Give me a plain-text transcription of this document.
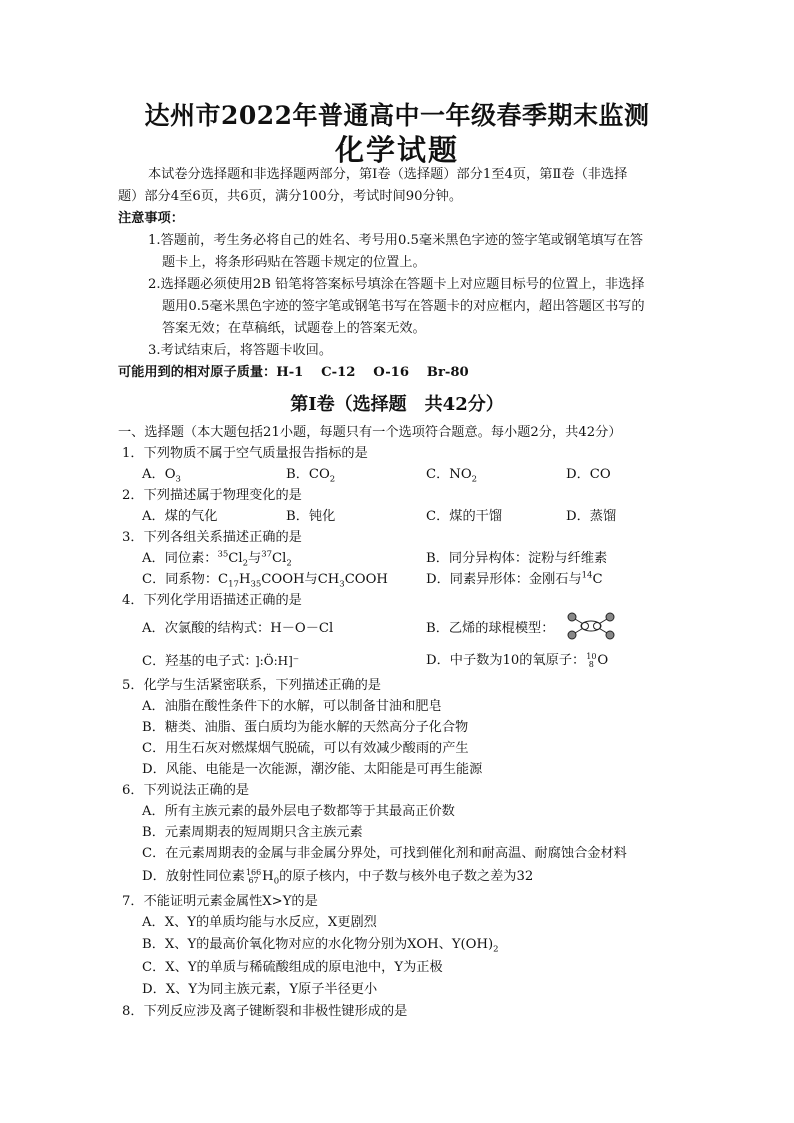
达州市2022年普通高中一年级春季期末监测
化学试题
本试卷分选择题和非选择题两部分，第Ⅰ卷（选择题）部分1至4页，第Ⅱ卷（非选择
题）部分4至6页，共6页，满分100分，考试时间90分钟。
注意事项：
1.答题前，考生务必将自己的姓名、考号用0.5毫米黑色字迹的签字笔或钢笔填写在答
题卡上，将条形码贴在答题卡规定的位置上。
2.选择题必须使用2B 铅笔将答案标号填涂在答题卡上对应题目标号的位置上，非选择
题用0.5毫米黑色字迹的签字笔或钢笔书写在答题卡的对应框内，超出答题区书写的
答案无效；在草稿纸，试题卷上的答案无效。
3.考试结束后，将答题卡收回。
可能用到的相对原子质量：H-1　 C-12　 O-16　 Br-80
第Ⅰ卷（选择题　共42分）
一、选择题（本大题包括21小题，每题只有一个选项符合题意。每小题2分，共42分）
1．下列物质不属于空气质量报告指标的是
A．$O_3$	B．$CO_2$	C．$NO_2$	D．CO
2．下列描述属于物理变化的是
A．煤的气化	B．钝化	C．煤的干馏	D．蒸馏
3．下列各组关系描述正确的是
A．同位素：$^{35}Cl_2$与$^{37}Cl_2$	B．同分异构体：淀粉与纤维素
C．同系物：$C_{17}H_{35}COOH$与$CH_3COOH$	D．同素异形体：金刚石与$^{14}$C
4．下列化学用语描述正确的是
A．次氯酸的结构式：H－O－Cl	B．乙烯的球棍模型：
C．羟基的电子式： ]:Ö:H]⁻	D．中子数为10的氧原子：10
8 O
5．化学与生活紧密联系，下列描述正确的是
A．油脂在酸性条件下的水解，可以制备甘油和肥皂
B．糖类、油脂、蛋白质均为能水解的天然高分子化合物
C．用生石灰对燃煤烟气脱硫，可以有效减少酸雨的产生
D．风能、电能是一次能源，潮汐能、太阳能是可再生能源
6．下列说法正确的是
A．所有主族元素的最外层电子数都等于其最高正价数
B．元素周期表的短周期只含主族元素
C．在元素周期表的金属与非金属分界处，可找到催化剂和耐高温、耐腐蚀合金材料
D．放射性同位素166
67 $H_0$的原子核内，中子数与核外电子数之差为32
7．不能证明元素金属性X>Y的是
A．X、Y的单质均能与水反应，X更剧烈
B．X、Y的最高价氧化物对应的水化物分别为XOH、$Y(OH)_2$
C．X、Y的单质与稀硫酸组成的原电池中，Y为正极
D．X、Y为同主族元素，Y原子半径更小
8．下列反应涉及离子键断裂和非极性键形成的是
